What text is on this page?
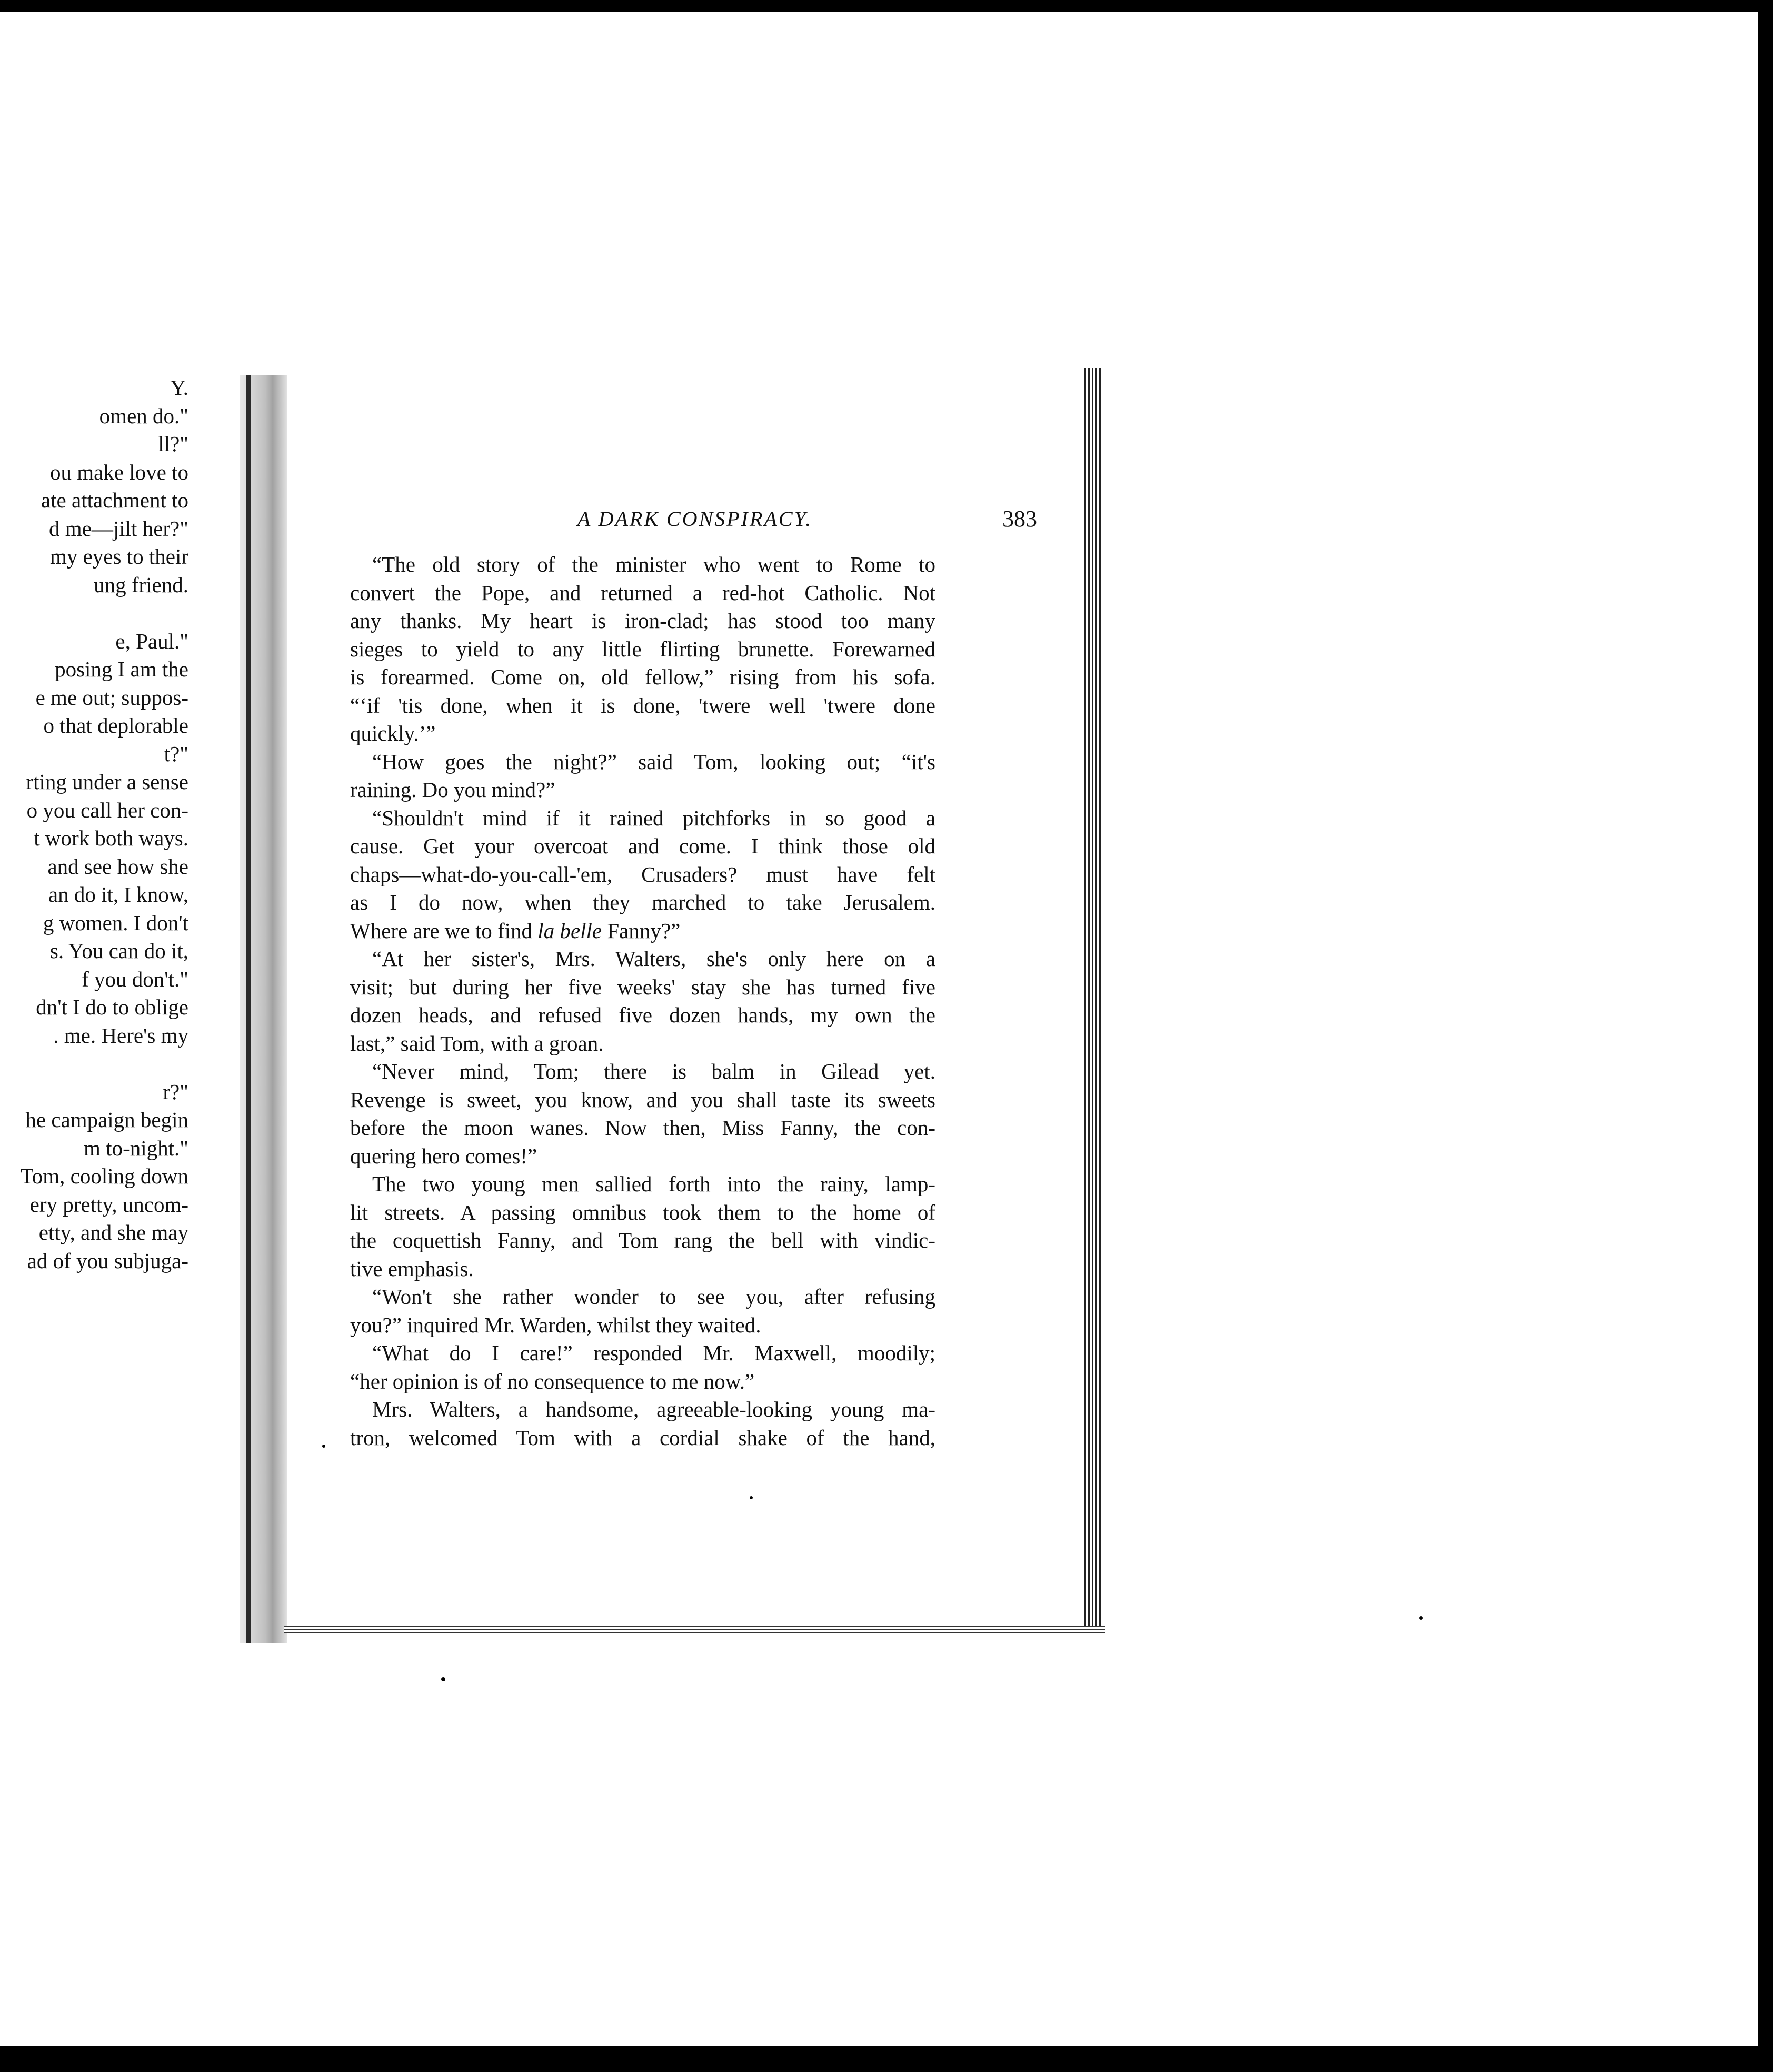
Y.
omen do."
ll?"
ou make love to
ate attachment to
d me—jilt her?"
my eyes to their
ung friend.
e, Paul."
posing I am the
e me out; suppos-
o that deplorable
t?"
rting under a sense
o you call her con-
t work both ways.
and see how she
an do it, I know,
g women. I don't
s. You can do it,
f you don't."
dn't I do to oblige
. me. Here's my
r?"
he campaign begin
m to-night."
Tom, cooling down
ery pretty, uncom-
etty, and she may
ad of you subjuga-
A DARK CONSPIRACY.	383
“The old story of the minister who went to Rome to
convert the Pope, and returned a red-hot Catholic. Not
any thanks. My heart is iron-clad; has stood too many
sieges to yield to any little flirting brunette. Forewarned
is forearmed. Come on, old fellow,” rising from his sofa.
“‘if 'tis done, when it is done, 'twere well 'twere done
quickly.’”
“How goes the night?” said Tom, looking out; “it's
raining. Do you mind?”
“Shouldn't mind if it rained pitchforks in so good a
cause. Get your overcoat and come. I think those old
chaps—what-do-you-call-'em, Crusaders? must have felt
as I do now, when they marched to take Jerusalem.
Where are we to find la belle Fanny?”
“At her sister's, Mrs. Walters, she's only here on a
visit; but during her five weeks' stay she has turned five
dozen heads, and refused five dozen hands, my own the
last,” said Tom, with a groan.
“Never mind, Tom; there is balm in Gilead yet.
Revenge is sweet, you know, and you shall taste its sweets
before the moon wanes. Now then, Miss Fanny, the con-
quering hero comes!”
The two young men sallied forth into the rainy, lamp-
lit streets. A passing omnibus took them to the home of
the coquettish Fanny, and Tom rang the bell with vindic-
tive emphasis.
“Won't she rather wonder to see you, after refusing
you?” inquired Mr. Warden, whilst they waited.
“What do I care!” responded Mr. Maxwell, moodily;
“her opinion is of no consequence to me now.”
Mrs. Walters, a handsome, agreeable-looking young ma-
tron, welcomed Tom with a cordial shake of the hand,
